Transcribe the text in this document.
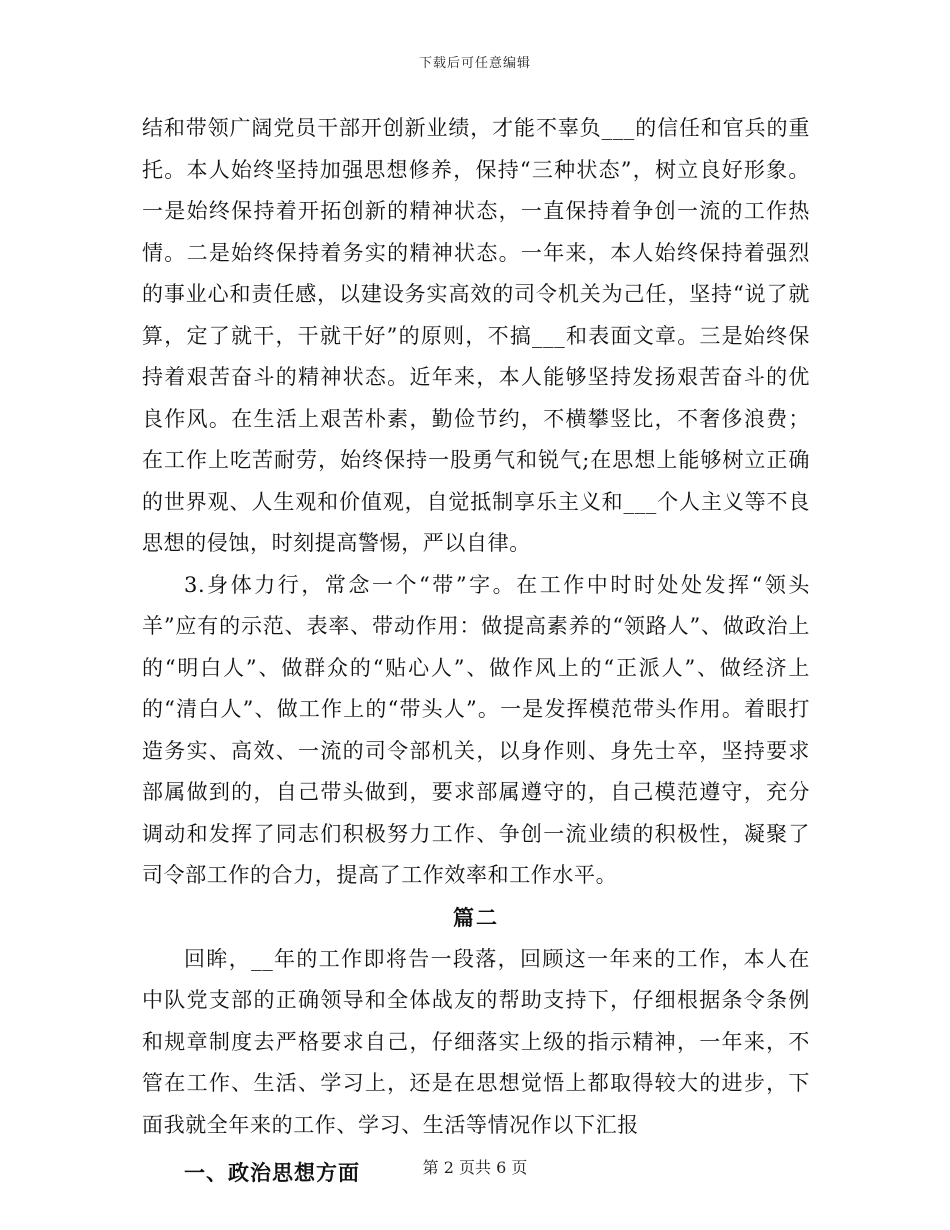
下载后可任意编辑

结和带领广阔党员干部开创新业绩，才能不辜负___的信任和官兵的重托。本人始终坚持加强思想修养，保持“三种状态”，树立良好形象。一是始终保持着开拓创新的精神状态，一直保持着争创一流的工作热情。二是始终保持着务实的精神状态。一年来，本人始终保持着强烈的事业心和责任感，以建设务实高效的司令机关为己任，坚持“说了就算，定了就干，干就干好”的原则，不搞___和表面文章。三是始终保持着艰苦奋斗的精神状态。近年来，本人能够坚持发扬艰苦奋斗的优良作风。在生活上艰苦朴素，勤俭节约，不横攀竖比，不奢侈浪费；在工作上吃苦耐劳，始终保持一股勇气和锐气;在思想上能够树立正确的世界观、人生观和价值观，自觉抵制享乐主义和___个人主义等不良思想的侵蚀，时刻提高警惕，严以自律。

3.身体力行，常念一个“带”字。在工作中时时处处发挥“领头羊”应有的示范、表率、带动作用：做提高素养的“领路人”、做政治上的“明白人”、做群众的“贴心人”、做作风上的“正派人”、做经济上的“清白人”、做工作上的“带头人”。一是发挥模范带头作用。着眼打造务实、高效、一流的司令部机关，以身作则、身先士卒，坚持要求部属做到的，自己带头做到，要求部属遵守的，自己模范遵守，充分调动和发挥了同志们积极努力工作、争创一流业绩的积极性，凝聚了司令部工作的合力，提高了工作效率和工作水平。

篇二

回眸，__年的工作即将告一段落，回顾这一年来的工作，本人在中队党支部的正确领导和全体战友的帮助支持下，仔细根据条令条例和规章制度去严格要求自己，仔细落实上级的指示精神，一年来，不管在工作、生活、学习上，还是在思想觉悟上都取得较大的进步，下面我就全年来的工作、学习、生活等情况作以下汇报

一、政治思想方面	第 2 页共 6 页
